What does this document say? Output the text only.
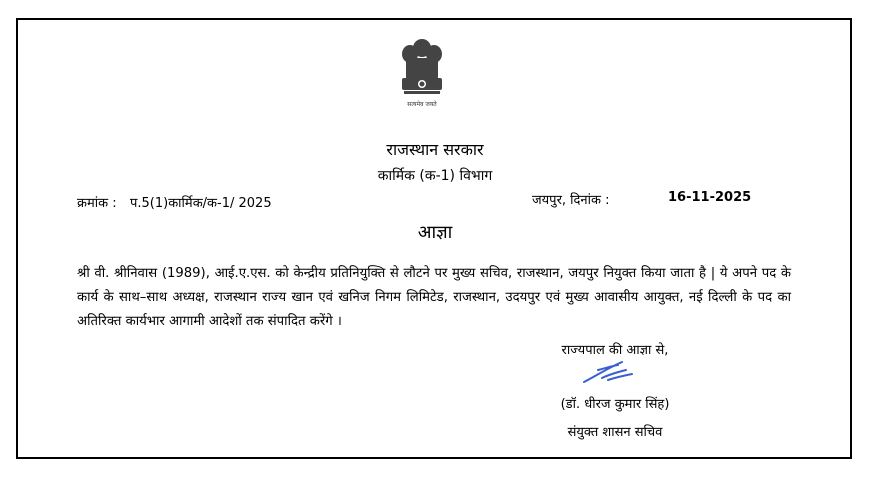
सत्यमेव जयते
राजस्थान सरकार
कार्मिक (क-1) विभाग
क्रमांक : प.5(1)कार्मिक/क-1/ 2025	जयपुर, दिनांक :	16-11-2025
आज्ञा
श्री वी. श्रीनिवास (1989), आई.ए.एस. को केन्द्रीय प्रतिनियुक्ति से लौटने पर मुख्य सचिव, राजस्थान, जयपुर नियुक्त किया जाता है | ये अपने पद के कार्य के साथ–साथ अध्यक्ष, राजस्थान राज्य खान एवं खनिज निगम लिमिटेड, राजस्थान, उदयपुर एवं मुख्य आवासीय आयुक्त, नई दिल्ली के पद का अतिरिक्त कार्यभार आगामी आदेशों तक संपादित करेंगे ।
राज्यपाल की आज्ञा से,
(डॉ. धीरज कुमार सिंह)
संयुक्त शासन सचिव
